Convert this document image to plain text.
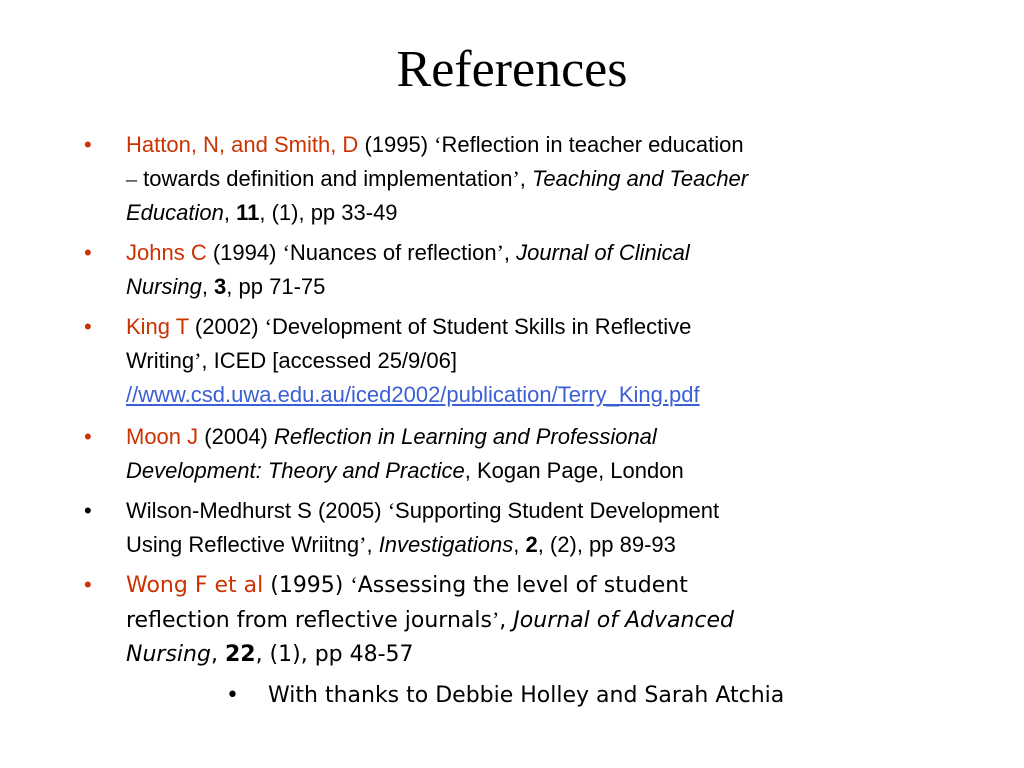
References
•	Hatton, N, and Smith, D (1995) ‘Reflection in teacher education
– towards definition and implementation’, Teaching and Teacher
Education, 11, (1), pp 33-49
•	Johns C (1994) ‘Nuances of reflection’, Journal of Clinical
Nursing, 3, pp 71-75
•	King T (2002) ‘Development of Student Skills in Reflective
Writing’, ICED [accessed 25/9/06]
//www.csd.uwa.edu.au/iced2002/publication/Terry_King.pdf
•	Moon J (2004) Reflection in Learning and Professional
Development: Theory and Practice, Kogan Page, London
•	Wilson-Medhurst S (2005) ‘Supporting Student Development
Using Reflective Wriitng’, Investigations, 2, (2), pp 89-93
•	Wong F et al (1995) ‘Assessing the level of student
reflection from reflective journals’, Journal of Advanced
Nursing, 22, (1), pp 48-57
• With thanks to Debbie Holley and Sarah Atchia
